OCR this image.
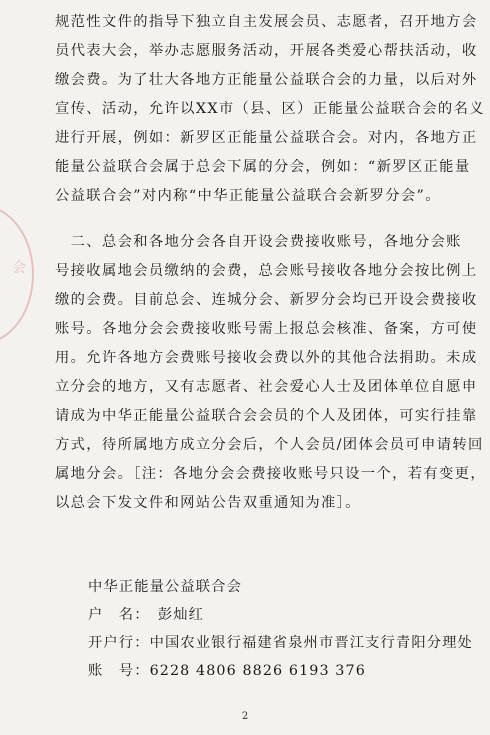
会
规范性文件的指导下独立自主发展会员、志愿者，召开地方会
员代表大会，举办志愿服务活动，开展各类爱心帮扶活动，收
缴会费。为了壮大各地方正能量公益联合会的力量，以后对外
宣传、活动，允许以XX市（县、区）正能量公益联合会的名义
进行开展，例如：新罗区正能量公益联合会。对内，各地方正
能量公益联合会属于总会下属的分会，例如：“新罗区正能量
公益联合会”对内称“中华正能量公益联合会新罗分会”。
　二、总会和各地分会各自开设会费接收账号，各地分会账
号接收属地会员缴纳的会费，总会账号接收各地分会按比例上
缴的会费。目前总会、连城分会、新罗分会均已开设会费接收
账号。各地分会会费接收账号需上报总会核准、备案，方可使
用。允许各地方会费账号接收会费以外的其他合法捐助。未成
立分会的地方，又有志愿者、社会爱心人士及团体单位自愿申
请成为中华正能量公益联合会会员的个人及团体，可实行挂靠
方式，待所属地方成立分会后，个人会员/团体会员可申请转回
属地分会。［注：各地分会会费接收账号只设一个，若有变更，
以总会下发文件和网站公告双重通知为准］。
中华正能量公益联合会
户　名：　彭灿红
开户行：中国农业银行福建省泉州市晋江支行青阳分理处
账　号：6228 4806 8826 6193 376
2
